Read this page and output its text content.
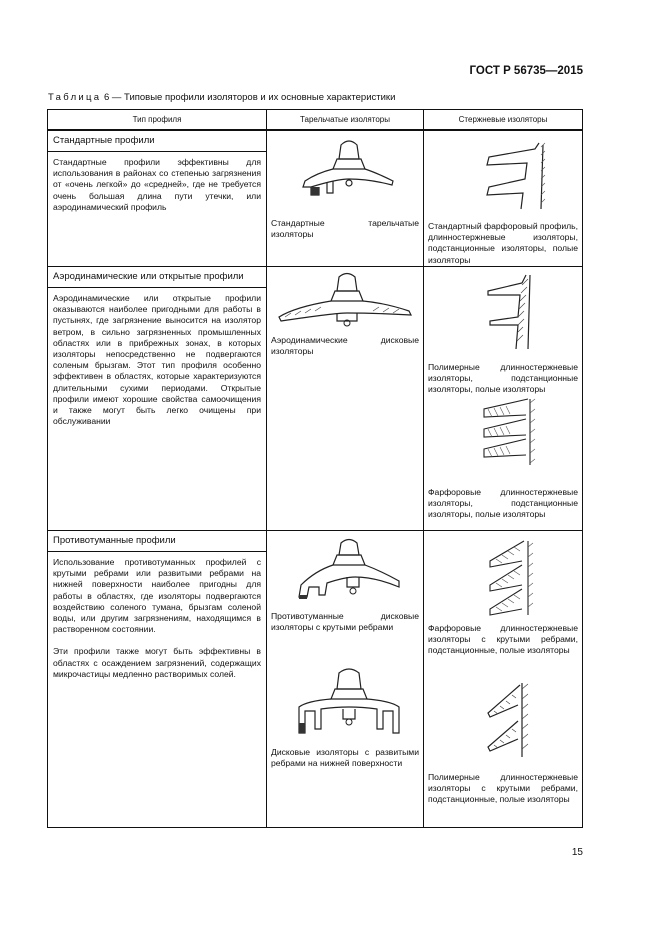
ГОСТ Р 56735—2015
Таблица 6 — Типовые профили изоляторов и их основные характеристики
Тип профиля	Тарельчатые изоляторы	Стержневые изоляторы
Стандартные профили

Стандартные профили эффективны для использования в районах со степенью загрязнения от «очень легкой» до «средней», где не требуется очень большая длина пути утечки, или аэродинамический профиль

Стандартные тарельчатые изоляторы
Стандартный фарфоровый профиль, длинностержневые изоляторы, подстанционные изоляторы, полые изоляторы
Аэродинамические или открытые профили

Аэродинамические или открытые профили оказываются наиболее пригодными для работы в пустынях, где загрязнение выносится на изолятор ветром, в сильно загрязненных промышленных областях или в прибрежных зонах, в которых изоляторы непосредственно не подвергаются соленым брызгам. Этот тип профиля особенно эффективен в областях, которые характеризуются длительными сухими периодами. Открытые профили имеют хорошие свойства самоочищения и также могут быть легко очищены при обслуживании

Аэродинамические дисковые изоляторы
Полимерные длинностержневые изоляторы, подстанционные изоляторы, полые изоляторы
Фарфоровые длинностержневые изоляторы, подстанционные изоляторы, полые изоляторы
Противотуманные профили

Использование противотуманных профилей с крутыми ребрами или развитыми ребрами на нижней поверхности наиболее пригодны для работы в областях, где изоляторы подвергаются воздействию соленого тумана, брызгам соленой воды, или другим загрязнениям, находящимся в растворенном состоянии.

Эти профили также могут быть эффективны в областях с осаждением загрязнений, содержащих микрочастицы медленно растворимых солей.

Противотуманные дисковые изоляторы с крутыми ребрами
Дисковые изоляторы с развитыми ребрами на нижней поверхности
Фарфоровые длинностержневые изоляторы с крутыми ребрами, подстанционные, полые изоляторы
Полимерные длинностержневые изоляторы с крутыми ребрами, подстанционные, полые изоляторы
15
